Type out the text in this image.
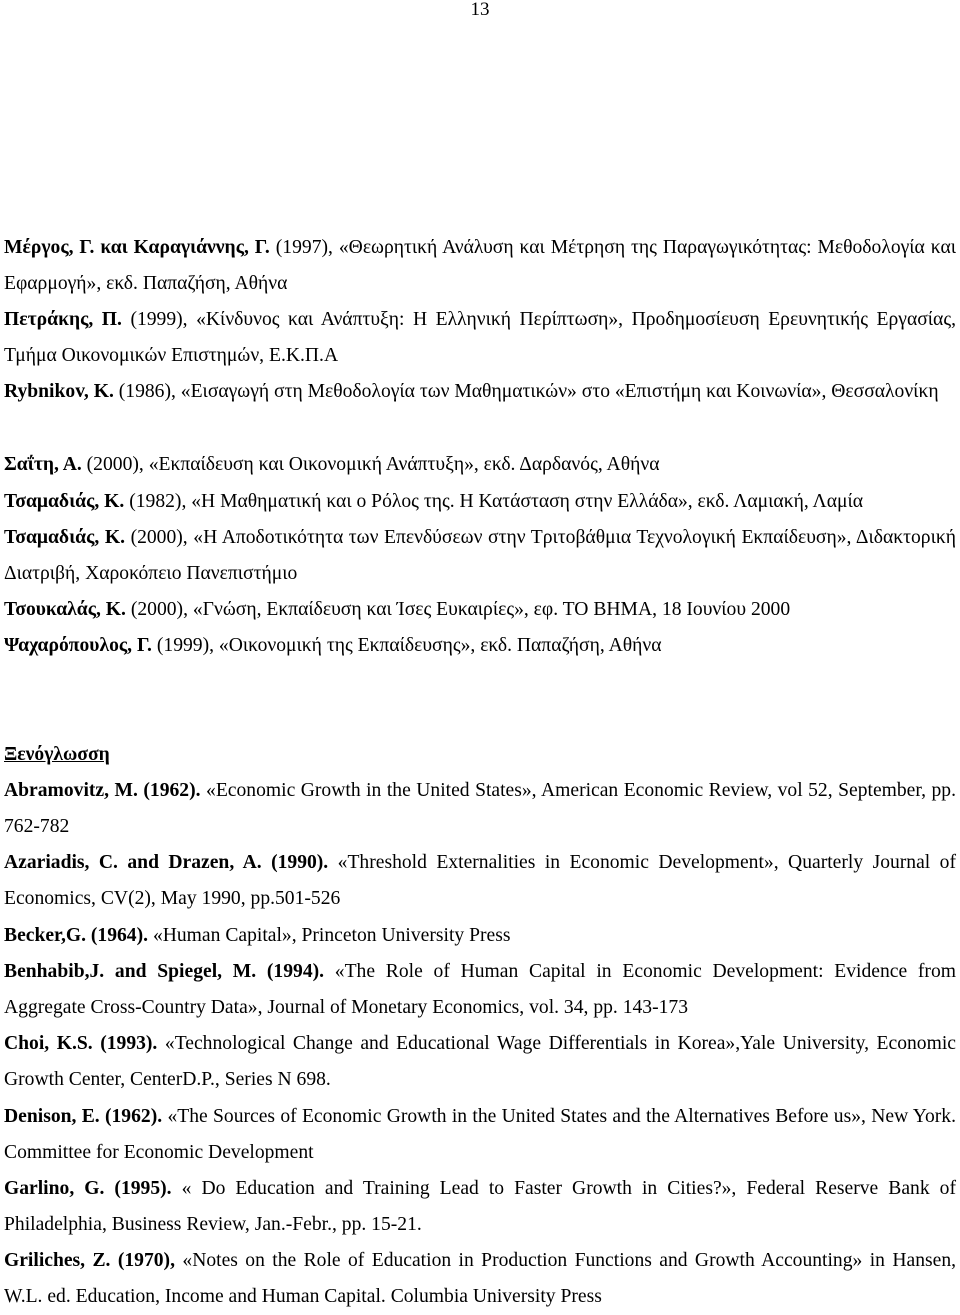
13
Μέργος, Γ. και Καραγιάννης, Γ. (1997), «Θεωρητική Ανάλυση και Μέτρηση της Παραγωγικότητας: Μεθοδολογία και Εφαρμογή», εκδ. Παπαζήση, Αθήνα
Πετράκης, Π. (1999), «Κίνδυνος και Ανάπτυξη: Η Ελληνική Περίπτωση», Προδημοσίευση Ερευνητικής Εργασίας, Τμήμα Οικονομικών Επιστημών, Ε.Κ.Π.Α
Rybnikov, K. (1986), «Εισαγωγή στη Μεθοδολογία των Μαθηματικών» στο «Επιστήμη και Κοινωνία», Θεσσαλονίκη
Σαΐτη, Α. (2000), «Εκπαίδευση και Οικονομική Ανάπτυξη», εκδ. Δαρδανός, Αθήνα
Τσαμαδιάς, Κ. (1982), «Η Μαθηματική και ο Ρόλος της. Η Κατάσταση στην Ελλάδα», εκδ. Λαμιακή, Λαμία
Τσαμαδιάς, Κ. (2000), «Η Αποδοτικότητα των Επενδύσεων στην Τριτοβάθμια Τεχνολογική Εκπαίδευση», Διδακτορική Διατριβή, Χαροκόπειο Πανεπιστήμιο
Τσουκαλάς, Κ. (2000), «Γνώση, Εκπαίδευση και Ίσες Ευκαιρίες», εφ. ΤΟ ΒΗΜΑ, 18 Ιουνίου 2000
Ψαχαρόπουλος, Γ. (1999), «Οικονομική της Εκπαίδευσης», εκδ. Παπαζήση, Αθήνα
Ξενόγλωσση
Abramovitz, M. (1962). «Economic Growth in the United States», American Economic Review, vol 52, September, pp. 762-782
Azariadis, C. and Drazen, A. (1990). «Threshold Externalities in Economic Development», Quarterly Journal of Economics, CV(2), May 1990, pp.501-526
Becker,G. (1964). «Human Capital», Princeton University Press
Benhabib,J. and Spiegel, M. (1994). «The Role of Human Capital in Economic Development: Evidence from Aggregate Cross-Country Data», Journal of Monetary Economics, vol. 34, pp. 143-173
Choi, K.S. (1993). «Technological Change and Educational Wage Differentials in Korea»,Yale University, Economic Growth Center, CenterD.P., Series N 698.
Denison, E. (1962). «The Sources of Economic Growth in the United States and the Alternatives Before us», New York. Committee for Economic Development
Garlino, G. (1995). « Do Education and Training Lead to Faster Growth in Cities?», Federal Reserve Bank of Philadelphia, Business Review, Jan.-Febr., pp. 15-21.
Griliches, Z. (1970), «Notes on the Role of Education in Production Functions and Growth Accounting» in Hansen, W.L. ed. Education, Income and Human Capital. Columbia University Press
